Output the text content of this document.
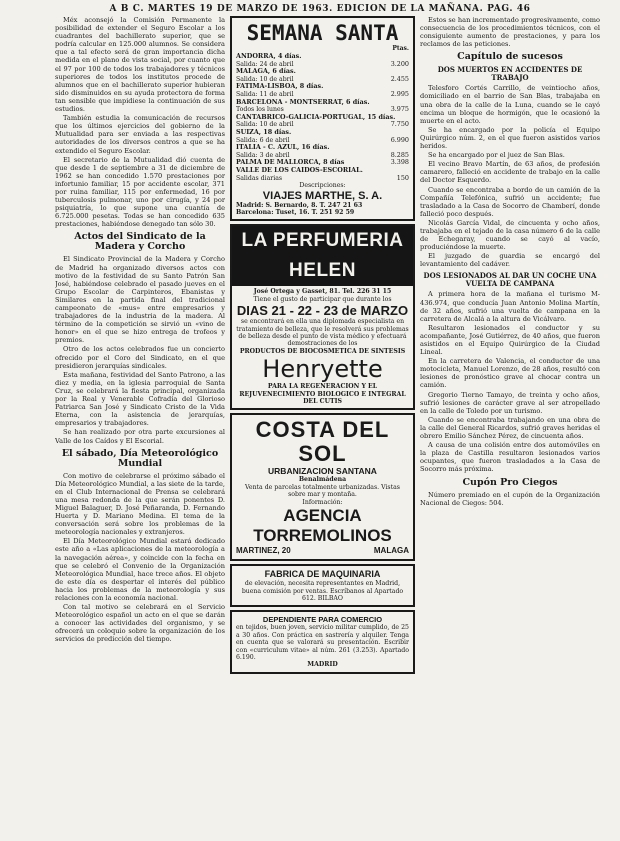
A B C. MARTES 19 DE MARZO DE 1963. EDICION DE LA MAÑANA. PAG. 46

Méx aconsejó la Comisión Permanente la posibilidad de extender el Seguro Escolar a los cuadrantes del bachillerato superior, que se podría calcular en 125.000 alumnos. Se considera que a tal efecto será de gran importancia dicha medida en el plano de vista social, por cuanto que el 97 por 100 de todos los trabajadores y técnicos superiores de todos los institutos procede de alumnos que en el bachillerato superior hubieran sido disminuidos en su ayuda protectora de forma tan sensible que impidiese la continuación de sus estudios.

También estudia la comunicación de recursos que los últimos ejercicios del gobierno de la Mutualidad para ser enviada a las respectivas autoridades de los diversos centros a que se ha extendido el Seguro Escolar.

El secretario de la Mutualidad dió cuenta de que desde 1 de septiembre a 31 de diciembre de 1962 se han concedido 1.570 prestaciones por infortunio familiar, 15 por accidente escolar, 371 por ruina familiar, 115 por enfermedad, 16 por tuberculosis pulmonar, uno por cirugía, y 24 por psiquiatría, lo que supone una cuantía de 6.725.000 pesetas. Todas se han concedido 635 prestaciones, habiéndose denegado tan sólo 30.

Actos del Sindicato de la Madera y Corcho

El Sindicato Provincial de la Madera y Corcho de Madrid ha organizado diversos actos con motivo de la festividad de su Santo Patrón San José, habiéndose celebrado el pasado jueves en el Grupo Escolar de Carpinteros, Ebanistas y Similares en la partida final del tradicional campeonato de «mus» entre empresarios y trabajadores de la industria de la madera. Al término de la competición se sirvió un «vino de honor» en el que se hizo entrega de trofeos y premios.

Otro de los actos celebrados fue un concierto ofrecido por el Coro del Sindicato, en el que presidieron jerarquías sindicales.

Esta mañana, festividad del Santo Patrono, a las diez y media, en la iglesia parroquial de Santa Cruz, se celebrará la fiesta principal, organizada por la Real y Venerable Cofradía del Glorioso Patriarca San José y Sindicato Cristo de la Vida Eterna, con la asistencia de jerarquías, empresarios y trabajadores.

Se han realizado por otra parte excursiones al Valle de los Caídos y El Escorial.

El sábado, Día Meteorológico Mundial

Con motivo de celebrarse el próximo sábado el Día Meteorológico Mundial, a las siete de la tarde, en el Club Internacional de Prensa se celebrará una mesa redonda de la que serán ponentes D. Miguel Balaguer, D. José Peñaranda, D. Fernando Huerta y D. Mariano Medina. El tema de la conversación será sobre los problemas de la meteorología nacionales y extranjeros.

El Día Meteorológico Mundial estará dedicado este año a «Las aplicaciones de la meteorología a la navegación aérea», y coincide con la fecha en que se celebró el Convenio de la Organización Meteorológica Mundial, hace trece años. El objeto de este día es despertar el interés del público hacia los problemas de la meteorología y sus relaciones con la economía nacional.

Con tal motivo se celebrará en el Servicio Meteorológico español un acto en el que se darán a conocer las actividades del organismo, y se ofrecerá un coloquio sobre la organización de los servicios de predicción del tiempo.

SEMANA SANTA
Ptas.
ANDORRA, 4 días.
Salida: 24 de abril	3.200
MALAGA, 6 días.
Salida: 10 de abril	2.455
FATIMA-LISBOA, 8 días.
Salida: 11 de abril	2.995
BARCELONA - MONTSERRAT, 6 días.
Todos los lunes	3.975
CANTABRICO-GALICIA-PORTUGAL, 15 días.
Salida: 10 de abril	7.750
SUIZA, 18 días.
Salida: 6 de abril	6.990
ITALIA - C. AZUL, 16 días.
Salida: 3 de abril	8.285
PALMA DE MALLORCA, 8 días	3.398
VALLE DE LOS CAIDOS-ESCORIAL.
Salidas diarias	150
Descripciones:
VIAJES MARTHE, S. A.
Madrid: S. Bernardo, 8. T. 247 21 63
Barcelona: Tuset, 16. T. 251 92 59
LA PERFUMERIA HELEN
José Ortega y Gasset, 81. Tel. 226 31 15
Tiene el gusto de participar que durante los
DIAS 21 - 22 - 23 de MARZO
se encontrará en ella una diplomada especialista en tratamiento de belleza, que le resolverá sus problemas de belleza desde el punto de vista médico y efectuará demostraciones de los
PRODUCTOS DE BIOCOSMETICA DE SINTESIS
Henryette
PARA LA REGENERACION Y EL REJUVENECIMIENTO BIOLOGICO E INTEGRAL DEL CUTIS
COSTA DEL SOL
URBANIZACION SANTANA
Benalmádena
Venta de parcelas totalmente urbanizadas. Vistas sobre mar y montaña.
Información:
AGENCIA TORREMOLINOS
MARTINEZ, 20	MALAGA
FABRICA DE MAQUINARIA
de elevación, necesita representantes en Madrid, buena comisión por ventas. Escríbanos al Apartado 612. BILBAO
DEPENDIENTE PARA COMERCIO
en tejidos, buen joven, servicio militar cumplido, de 25 a 30 años. Con práctica en sastrería y alquiler. Tenga en cuenta que se valorará su presentación. Escribir con «curriculum vitae» al núm. 261 (3.253). Apartado 6.190.
MADRID

Estos se han incrementado progresivamente, como consecuencia de los procedimientos técnicos, con el consiguiente aumento de prestaciones, y para los reclamos de las peticiones.

Capítulo de sucesos
DOS MUERTOS EN ACCIDENTES DE TRABAJO

Telesforo Cortés Carrillo, de veintiocho años, domiciliado en el barrio de San Blas, trabajaba en una obra de la calle de la Luna, cuando se le cayó encima un bloque de hormigón, que le ocasionó la muerte en el acto.

Se ha encargado por la policía el Equipo Quirúrgico núm. 2, en el que fueron asistidos varios heridos.

Se ha encargado por el juez de San Blas.

El vecino Bravo Martín, de 63 años, de profesión camarero, falleció en accidente de trabajo en la calle del Doctor Esquerdo.

Cuando se encontraba a bordo de un camión de la Compañía Telefónica, sufrió un accidente; fue trasladado a la Casa de Socorro de Chamberí, donde falleció poco después.

Nicolás García Vidal, de cincuenta y ocho años, trabajaba en el tejado de la casa número 6 de la calle de Echegaray, cuando se cayó al vacío, produciéndose la muerte.

El juzgado de guardia se encargó del levantamiento del cadáver.

DOS LESIONADOS AL DAR UN COCHE UNA VUELTA DE CAMPANA

A primera hora de la mañana el turismo M-436.974, que conducía Juan Antonio Molina Martín, de 32 años, sufrió una vuelta de campana en la carretera de Alcalá a la altura de Vicálvaro.

Resultaron lesionados el conductor y su acompañante, José Gutiérrez, de 40 años, que fueron asistidos en el Equipo Quirúrgico de la Ciudad Lineal.

En la carretera de Valencia, el conductor de una motocicleta, Manuel Lorenzo, de 28 años, resultó con lesiones de pronóstico grave al chocar contra un camión.

Gregorio Tierno Tamayo, de treinta y ocho años, sufrió lesiones de carácter grave al ser atropellado en la calle de Toledo por un turismo.

Cuando se encontraba trabajando en una obra de la calle del General Ricardos, sufrió graves heridas el obrero Emilio Sánchez Pérez, de cincuenta años.

A causa de una colisión entre dos automóviles en la plaza de Castilla resultaron lesionados varios ocupantes, que fueron trasladados a la Casa de Socorro más próxima.

Cupón Pro Ciegos

Número premiado en el cupón de la Organización Nacional de Ciegos: 504.
